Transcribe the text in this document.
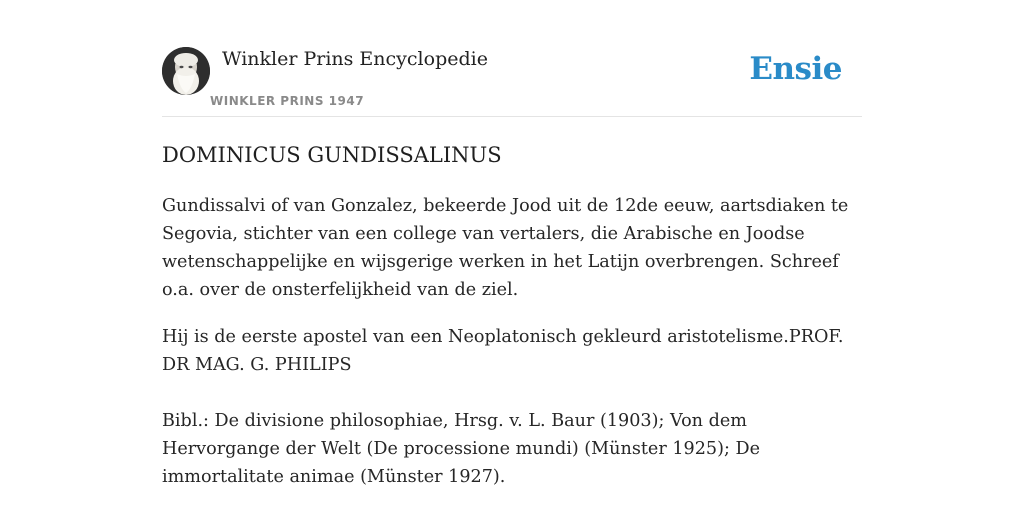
Winkler Prins Encyclopedie
WINKLER PRINS 1947
Ensie
DOMINICUS GUNDISSALINUS

Gundissalvi of van Gonzalez, bekeerde Jood uit de 12de eeuw, aartsdiaken te Segovia, stichter van een college van vertalers, die Arabische en Joodse wetenschappelijke en wijsgerige werken in het Latijn overbrengen. Schreef o.a. over de onsterfelijkheid van de ziel.

Hij is de eerste apostel van een Neoplatonisch gekleurd aristotelisme.PROF. DR MAG. G. PHILIPS

Bibl.: De divisione philosophiae, Hrsg. v. L. Baur (1903); Von dem Hervorgange der Welt (De processione mundi) (Münster 1925); De immortalitate animae (Münster 1927).
